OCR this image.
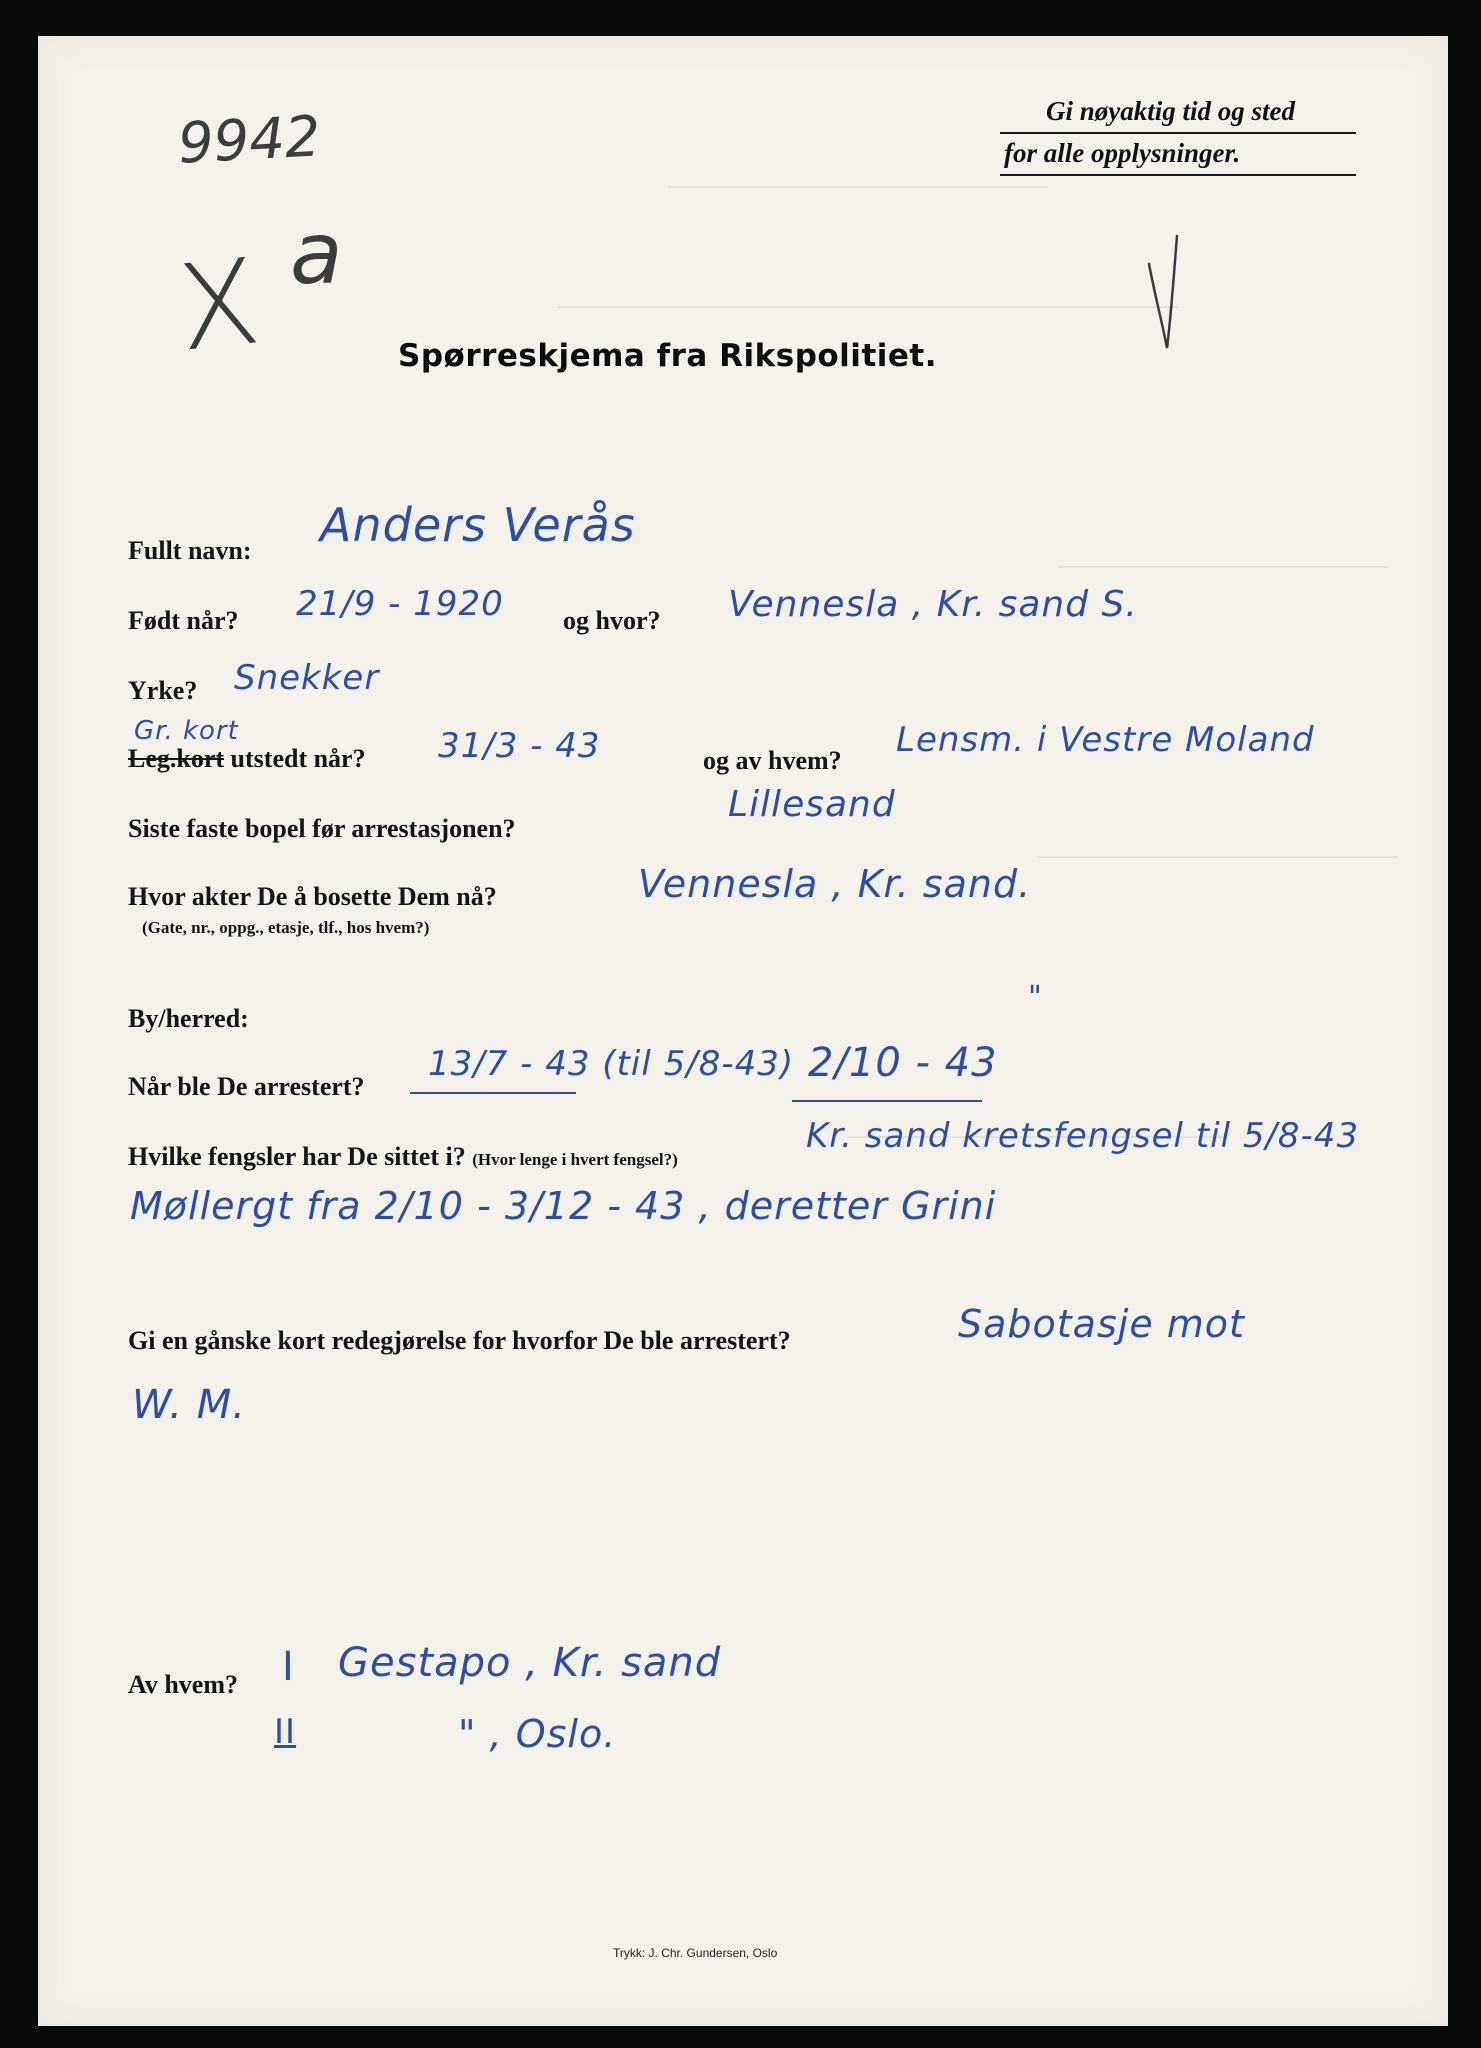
9942
X a
Gi nøyaktig tid og sted
for alle opplysninger.
Spørreskjema fra Rikspolitiet.
Fullt navn: Anders Verås
Født når? 21/9 - 1920 og hvor? Vennesla , Kr. sand S.
Yrke? Snekker
Gr. kort
Leg.kort utstedt når? 31/3 - 43	og av hvem?
Lensm. i Vestre Moland
Siste faste bopel før arrestasjonen?
Lillesand
Hvor akter De å bosette Dem nå?
(Gate, nr., oppg., etasje, tlf., hos hvem?)
Vennesla , Kr. sand.
By/herred:
"
Når ble De arrestert?
13/7 - 43 (til 5/8-43) 2/10 - 43
Hvilke fengsler har De sittet i? (Hvor lenge i hvert fengsel?)
Kr. sand kretsfengsel til 5/8-43
Møllergt fra 2/10 - 3/12 - 43 , deretter Grini
Gi en gånske kort redegjørelse for hvorfor De ble arrestert?	Sabotasje mot
W. M.
Av hvem? I Gestapo , Kr. sand
II	" , Oslo.
Trykk: J. Chr. Gundersen, Oslo
